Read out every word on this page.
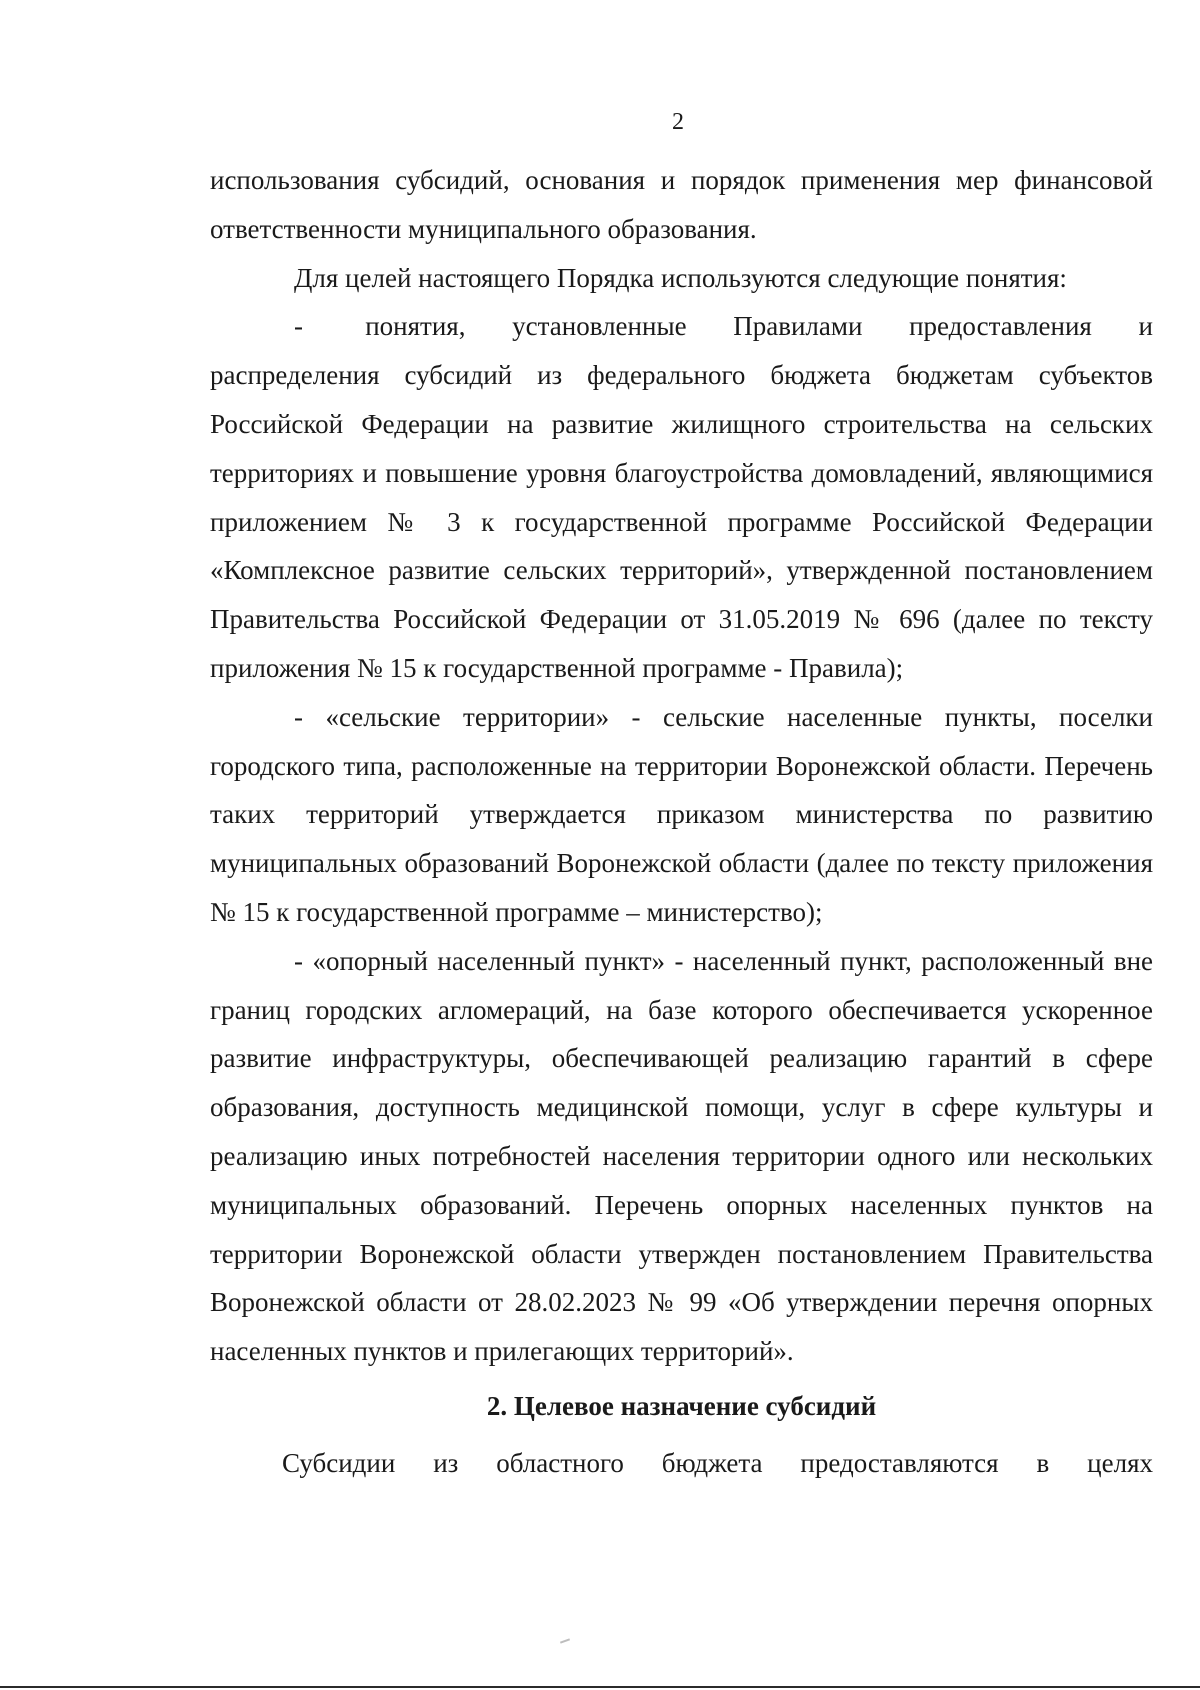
2

использования субсидий, основания и порядок применения мер финансовой ответственности муниципального образования.

Для целей настоящего Порядка используются следующие понятия:

-    понятия,   установленные   Правилами   предоставления   и распределения субсидий из федерального бюджета бюджетам субъектов Российской Федерации на развитие жилищного строительства на сельских территориях и повышение уровня благоустройства домовладений, являющимися приложением № 3 к государственной программе Российской Федерации «Комплексное развитие сельских территорий», утвержденной постановлением Правительства Российской Федерации от 31.05.2019 № 696 (далее по тексту приложения № 15 к государственной программе - Правила);

- «сельские территории» - сельские населенные пункты, поселки городского типа, расположенные на территории Воронежской области. Перечень таких территорий утверждается приказом министерства по развитию муниципальных образований Воронежской области (далее по тексту приложения № 15 к государственной программе – министерство);

- «опорный населенный пункт» - населенный пункт, расположенный вне границ городских агломераций, на базе которого обеспечивается ускоренное развитие инфраструктуры, обеспечивающей реализацию гарантий в сфере образования, доступность медицинской помощи, услуг в сфере культуры и реализацию иных потребностей населения территории одного или нескольких муниципальных образований. Перечень опорных населенных пунктов на территории Воронежской области утвержден постановлением Правительства Воронежской области от 28.02.2023 № 99 «Об утверждении перечня опорных населенных пунктов и прилегающих территорий».

2. Целевое назначение субсидий

Субсидии из областного бюджета предоставляются в целях
